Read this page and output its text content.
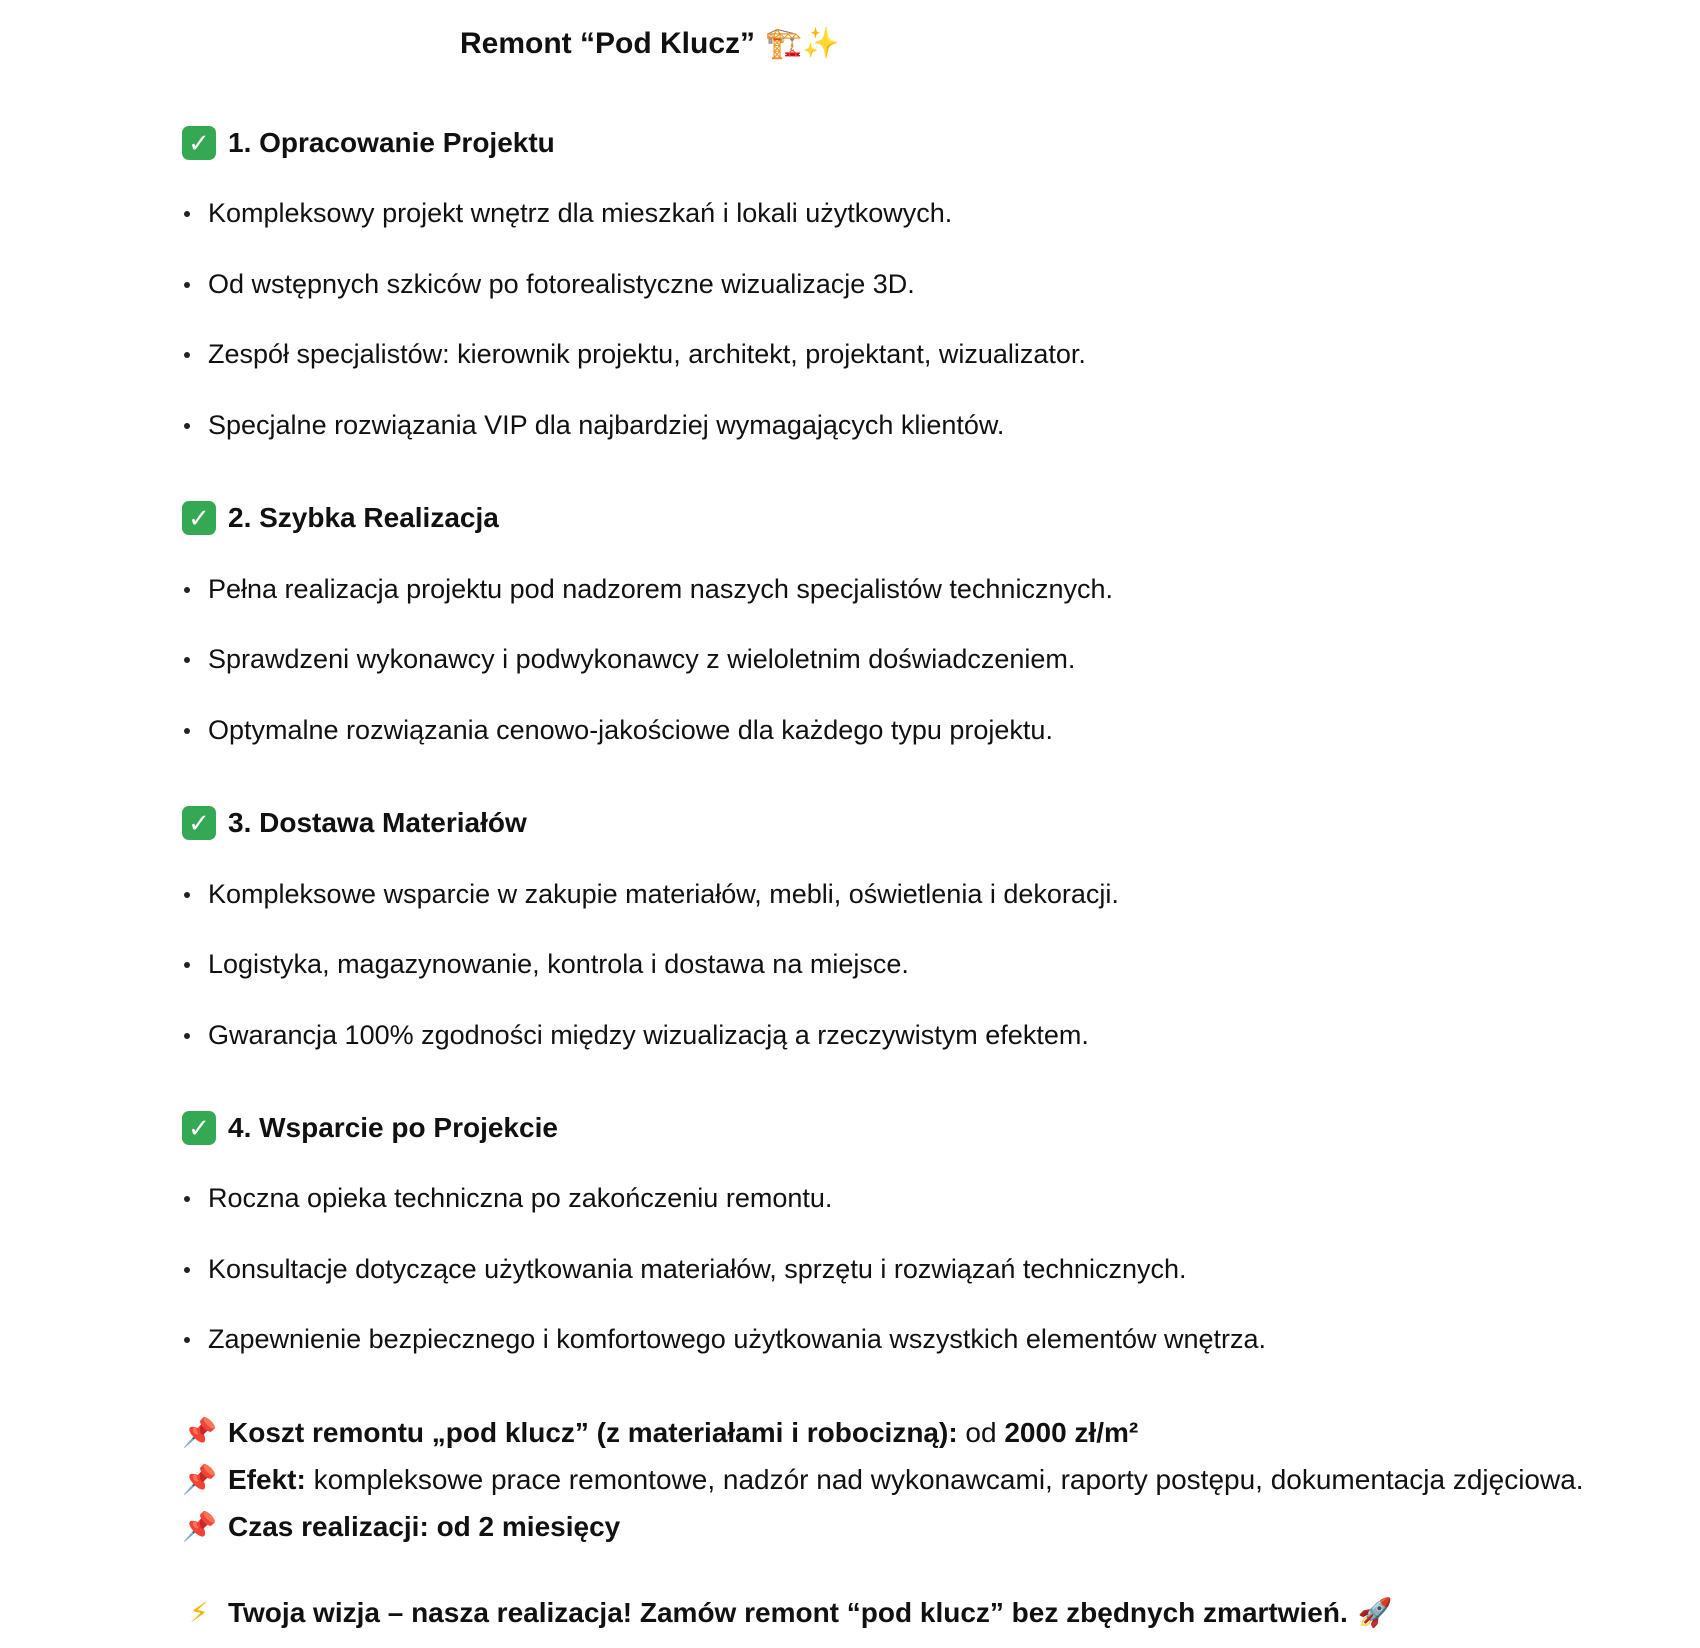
Remont “Pod Klucz” 🏗️✨
✓ 1. Opracowanie Projektu
Kompleksowy projekt wnętrz dla mieszkań i lokali użytkowych.
Od wstępnych szkiców po fotorealistyczne wizualizacje 3D.
Zespół specjalistów: kierownik projektu, architekt, projektant, wizualizator.
Specjalne rozwiązania VIP dla najbardziej wymagających klientów.
✓ 2. Szybka Realizacja
Pełna realizacja projektu pod nadzorem naszych specjalistów technicznych.
Sprawdzeni wykonawcy i podwykonawcy z wieloletnim doświadczeniem.
Optymalne rozwiązania cenowo-jakościowe dla każdego typu projektu.
✓ 3. Dostawa Materiałów
Kompleksowe wsparcie w zakupie materiałów, mebli, oświetlenia i dekoracji.
Logistyka, magazynowanie, kontrola i dostawa na miejsce.
Gwarancja 100% zgodności między wizualizacją a rzeczywistym efektem.
✓ 4. Wsparcie po Projekcie
Roczna opieka techniczna po zakończeniu remontu.
Konsultacje dotyczące użytkowania materiałów, sprzętu i rozwiązań technicznych.
Zapewnienie bezpiecznego i komfortowego użytkowania wszystkich elementów wnętrza.
📌 Koszt remontu „pod klucz” (z materiałami i robocizną):
od
2000 zł/m²
📌 Efekt:
kompleksowe prace remontowe, nadzór nad wykonawcami, raporty postępu, dokumentacja zdjęciowa.
📌 Czas realizacji:
od 2 miesięcy
⚡ Twoja wizja – nasza realizacja! Zamów remont “pod klucz” bez zbędnych zmartwień. 🚀
